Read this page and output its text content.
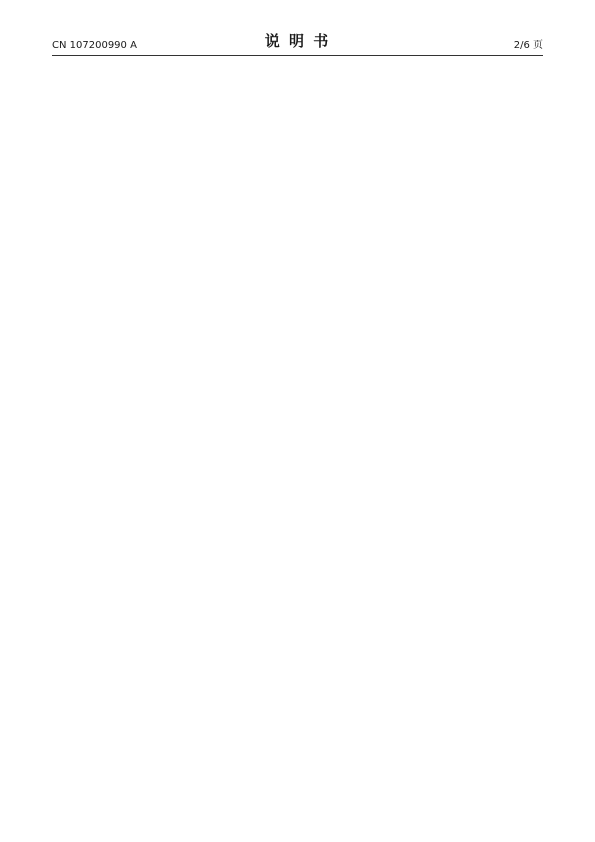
CN 107200990 A	说 明 书	2/6 页
